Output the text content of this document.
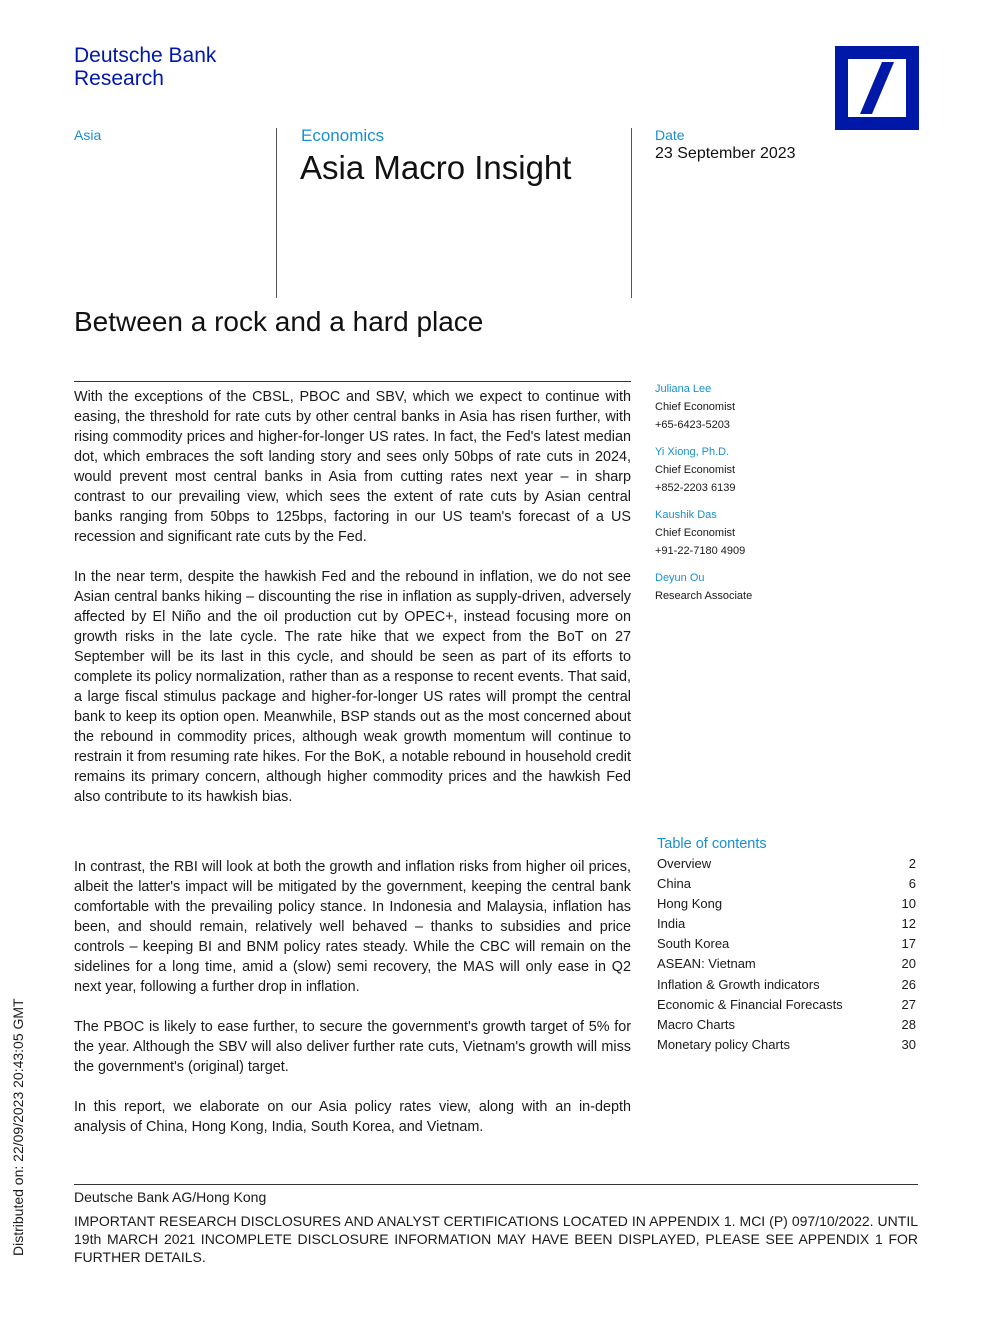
Deutsche Bank
Research
Asia	Economics
Asia Macro Insight
Date
23 September 2023
Between a rock and a hard place

With the exceptions of the CBSL, PBOC and SBV, which we expect to continue with easing, the threshold for rate cuts by other central banks in Asia has risen further, with rising commodity prices and higher-for-longer US rates. In fact, the Fed's latest median dot, which embraces the soft landing story and sees only 50bps of rate cuts in 2024, would prevent most central banks in Asia from cutting rates next year – in sharp contrast to our prevailing view, which sees the extent of rate cuts by Asian central banks ranging from 50bps to 125bps, factoring in our US team's forecast of a US recession and significant rate cuts by the Fed.

In the near term, despite the hawkish Fed and the rebound in inflation, we do not see Asian central banks hiking – discounting the rise in inflation as supply-driven, adversely affected by El Niño and the oil production cut by OPEC+, instead focusing more on growth risks in the late cycle. The rate hike that we expect from the BoT on 27 September will be its last in this cycle, and should be seen as part of its efforts to complete its policy normalization, rather than as a response to recent events. That said, a large fiscal stimulus package and higher-for-longer US rates will prompt the central bank to keep its option open. Meanwhile, BSP stands out as the most concerned about the rebound in commodity prices, although weak growth momentum will continue to restrain it from resuming rate hikes. For the BoK, a notable rebound in household credit remains its primary concern, although higher commodity prices and the hawkish Fed also contribute to its hawkish bias.

In contrast, the RBI will look at both the growth and inflation risks from higher oil prices, albeit the latter's impact will be mitigated by the government, keeping the central bank comfortable with the prevailing policy stance. In Indonesia and Malaysia, inflation has been, and should remain, relatively well behaved – thanks to subsidies and price controls – keeping BI and BNM policy rates steady. While the CBC will remain on the sidelines for a long time, amid a (slow) semi recovery, the MAS will only ease in Q2 next year, following a further drop in inflation.

The PBOC is likely to ease further, to secure the government's growth target of 5% for the year. Although the SBV will also deliver further rate cuts, Vietnam's growth will miss the government's (original) target.

In this report, we elaborate on our Asia policy rates view, along with an in-depth analysis of China, Hong Kong, India, South Korea, and Vietnam.

Juliana Lee
Chief Economist
+65-6423-5203
Yi Xiong, Ph.D.
Chief Economist
+852-2203 6139
Kaushik Das
Chief Economist
+91-22-7180 4909
Deyun Ou
Research Associate
Table of contents
Overview	2
China	6
Hong Kong	10
India	12
South Korea	17
ASEAN: Vietnam	20
Inflation & Growth indicators	26
Economic & Financial Forecasts	27
Macro Charts	28
Monetary policy Charts	30
Distributed on: 22/09/2023 20:43:05 GMT	Deutsche Bank AG/Hong Kong
IMPORTANT RESEARCH DISCLOSURES AND ANALYST CERTIFICATIONS LOCATED IN APPENDIX 1. MCI (P) 097/10/2022. UNTIL 19th MARCH 2021 INCOMPLETE DISCLOSURE INFORMATION MAY HAVE BEEN DISPLAYED, PLEASE SEE APPENDIX 1 FOR FURTHER DETAILS.
